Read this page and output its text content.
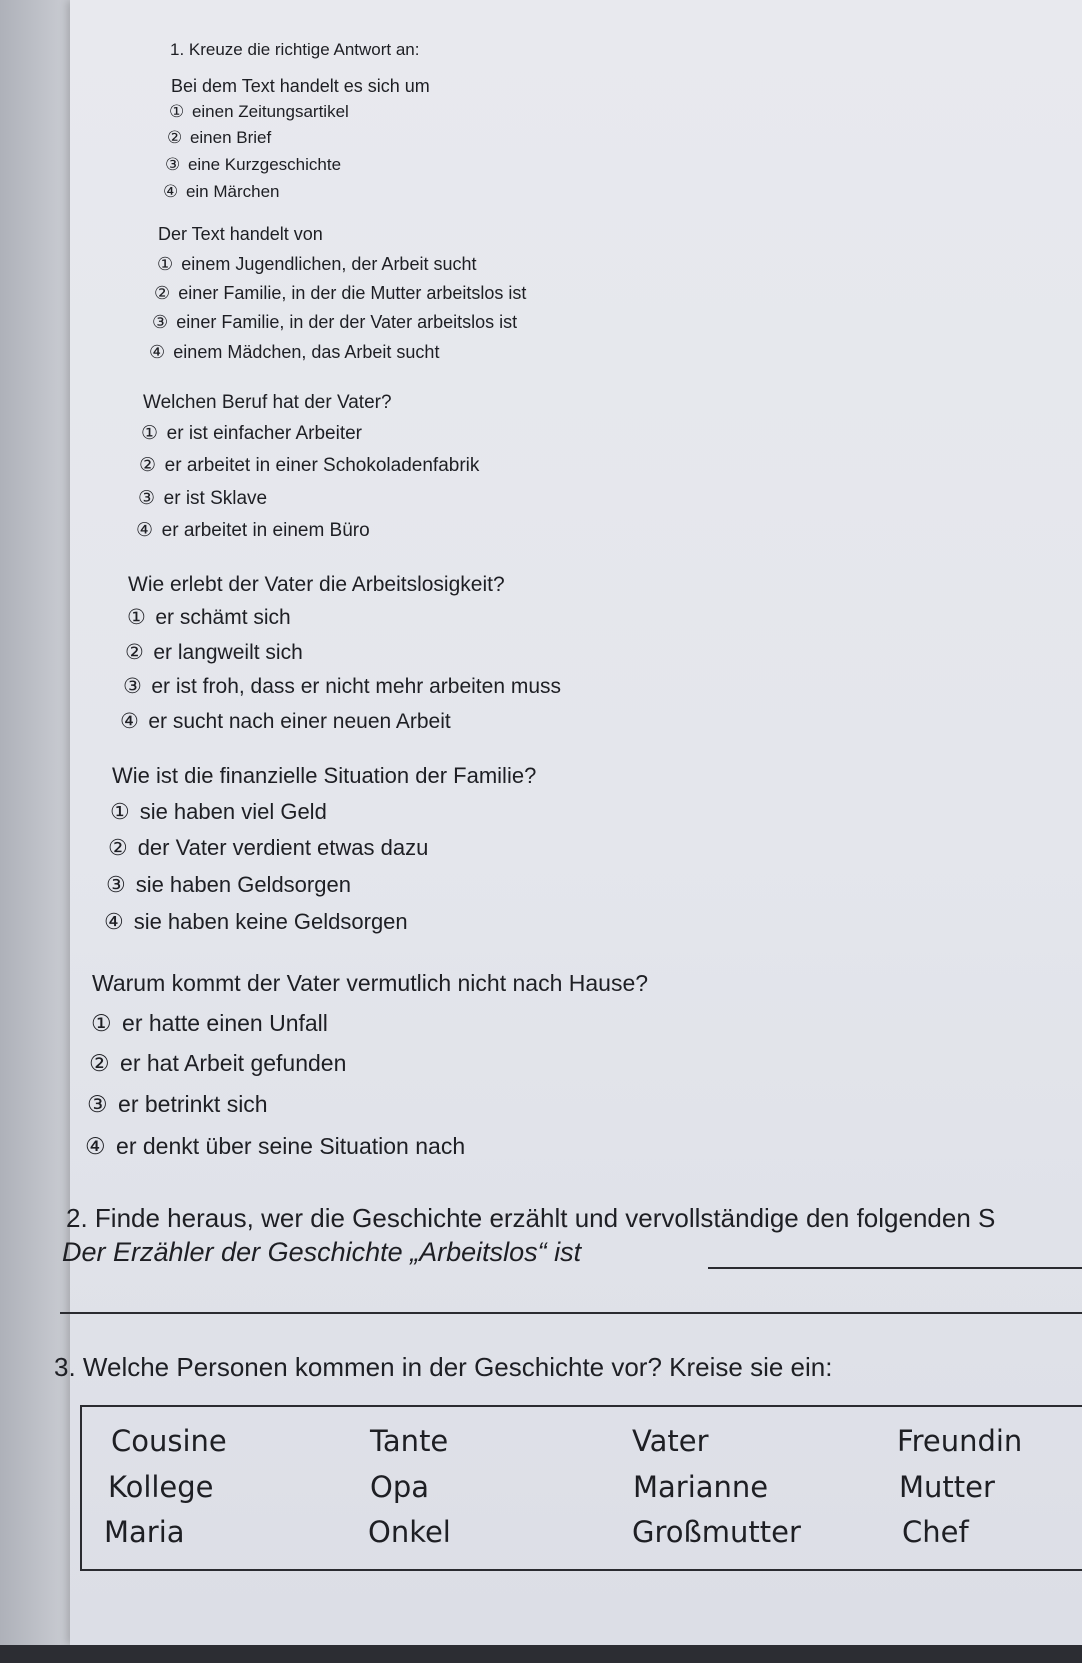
1. Kreuze die richtige Antwort an:
Bei dem Text handelt es sich um
① einen Zeitungsartikel
② einen Brief
③ eine Kurzgeschichte
④ ein Märchen
Der Text handelt von
① einem Jugendlichen, der Arbeit sucht
② einer Familie, in der die Mutter arbeitslos ist
③ einer Familie, in der der Vater arbeitslos ist
④ einem Mädchen, das Arbeit sucht
Welchen Beruf hat der Vater?
① er ist einfacher Arbeiter
② er arbeitet in einer Schokoladenfabrik
③ er ist Sklave
④ er arbeitet in einem Büro
Wie erlebt der Vater die Arbeitslosigkeit?
① er schämt sich
② er langweilt sich
③ er ist froh, dass er nicht mehr arbeiten muss
④ er sucht nach einer neuen Arbeit
Wie ist die finanzielle Situation der Familie?
① sie haben viel Geld
② der Vater verdient etwas dazu
③ sie haben Geldsorgen
④ sie haben keine Geldsorgen
Warum kommt der Vater vermutlich nicht nach Hause?
① er hatte einen Unfall
② er hat Arbeit gefunden
③ er betrinkt sich
④ er denkt über seine Situation nach
2. Finde heraus, wer die Geschichte erzählt und vervollständige den folgenden S
Der Erzähler der Geschichte „Arbeitslos“ ist
3. Welche Personen kommen in der Geschichte vor? Kreise sie ein:
Cousine	Tante	Vater	Freundin
Kollege	Opa	Marianne	Mutter
Maria	Onkel	Großmutter	Chef
